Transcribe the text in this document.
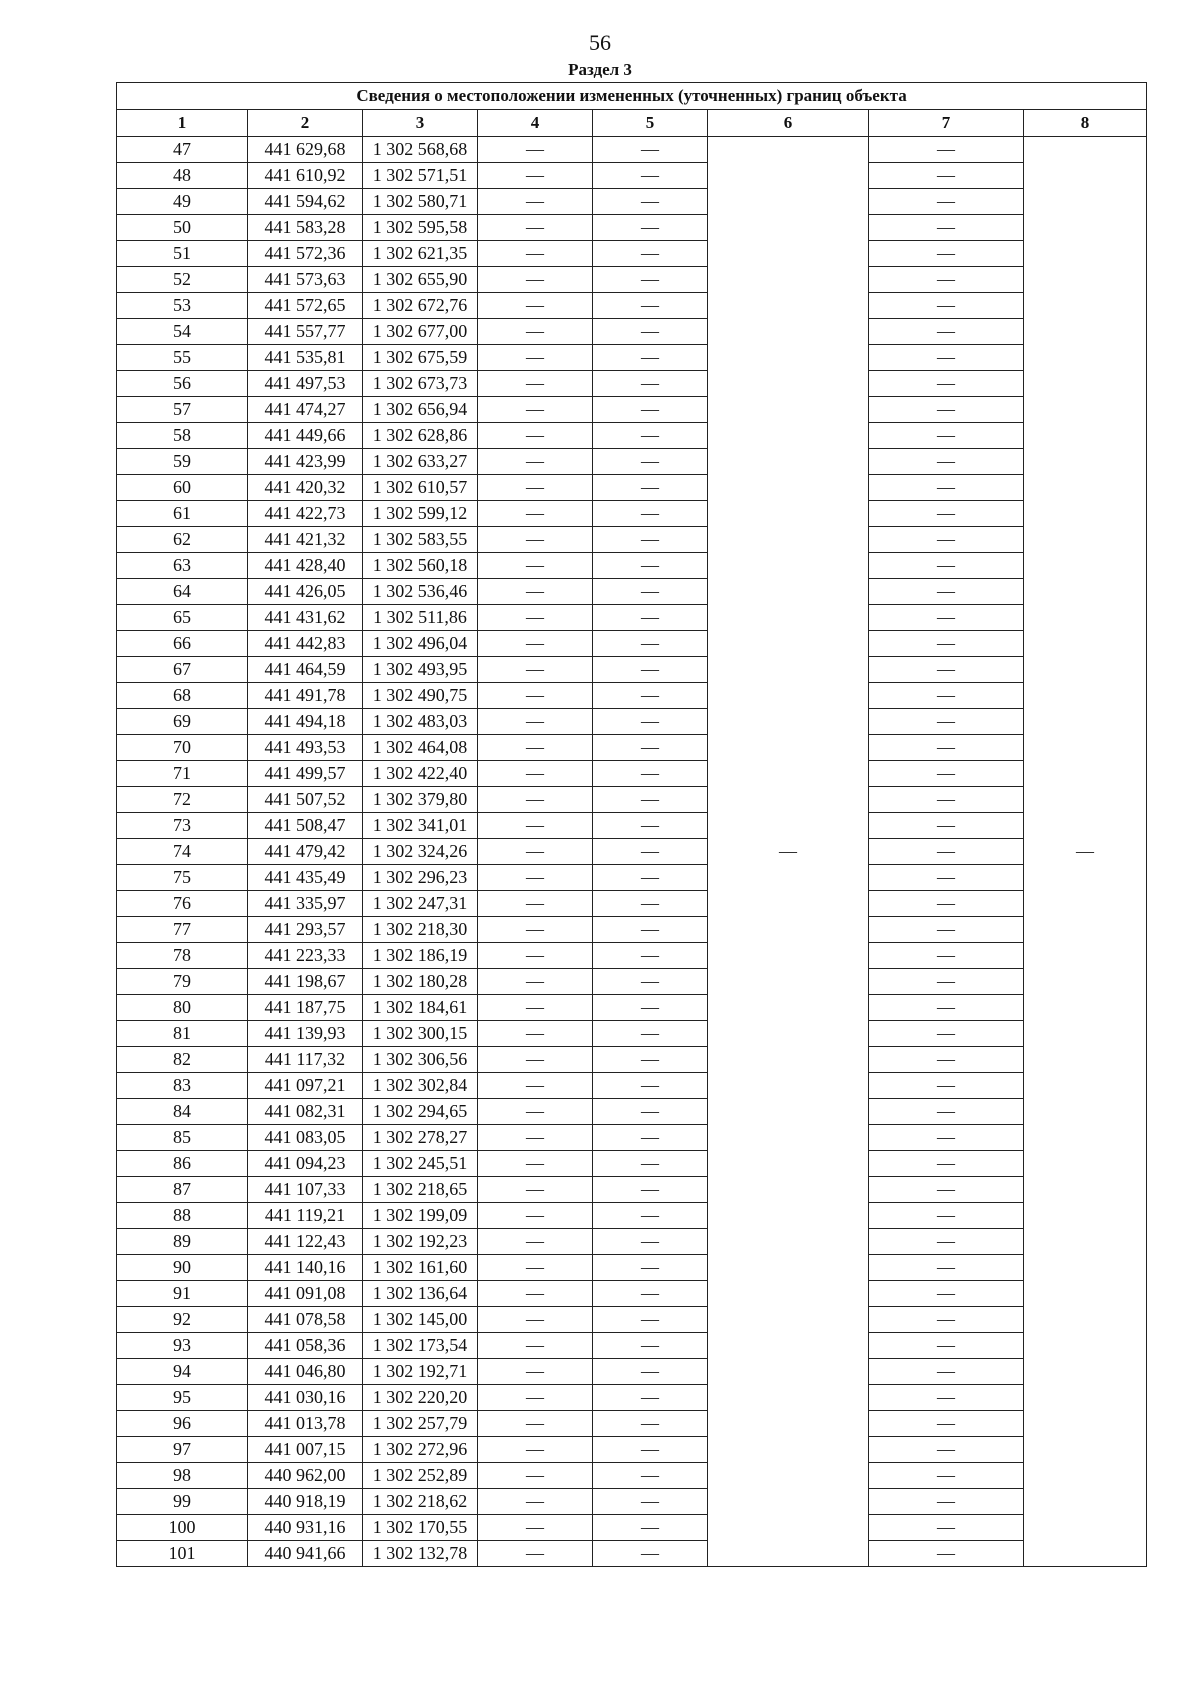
56
Раздел 3
Сведения о местоположении измененных (уточненных) границ объекта							
1	2	3	4	5	6	7	8
47	441 629,68	1 302 568,68	—	—	—	—	—
48	441 610,92	1 302 571,51	—	—		—	
49	441 594,62	1 302 580,71	—	—		—	
50	441 583,28	1 302 595,58	—	—		—	
51	441 572,36	1 302 621,35	—	—		—	
52	441 573,63	1 302 655,90	—	—		—	
53	441 572,65	1 302 672,76	—	—		—	
54	441 557,77	1 302 677,00	—	—		—	
55	441 535,81	1 302 675,59	—	—		—	
56	441 497,53	1 302 673,73	—	—		—	
57	441 474,27	1 302 656,94	—	—		—	
58	441 449,66	1 302 628,86	—	—		—	
59	441 423,99	1 302 633,27	—	—		—	
60	441 420,32	1 302 610,57	—	—		—	
61	441 422,73	1 302 599,12	—	—		—	
62	441 421,32	1 302 583,55	—	—		—	
63	441 428,40	1 302 560,18	—	—		—	
64	441 426,05	1 302 536,46	—	—		—	
65	441 431,62	1 302 511,86	—	—		—	
66	441 442,83	1 302 496,04	—	—		—	
67	441 464,59	1 302 493,95	—	—		—	
68	441 491,78	1 302 490,75	—	—		—	
69	441 494,18	1 302 483,03	—	—		—	
70	441 493,53	1 302 464,08	—	—		—	
71	441 499,57	1 302 422,40	—	—		—	
72	441 507,52	1 302 379,80	—	—		—	
73	441 508,47	1 302 341,01	—	—		—	
74	441 479,42	1 302 324,26	—	—		—	
75	441 435,49	1 302 296,23	—	—		—	
76	441 335,97	1 302 247,31	—	—		—	
77	441 293,57	1 302 218,30	—	—		—	
78	441 223,33	1 302 186,19	—	—		—	
79	441 198,67	1 302 180,28	—	—		—	
80	441 187,75	1 302 184,61	—	—		—	
81	441 139,93	1 302 300,15	—	—		—	
82	441 117,32	1 302 306,56	—	—		—	
83	441 097,21	1 302 302,84	—	—		—	
84	441 082,31	1 302 294,65	—	—		—	
85	441 083,05	1 302 278,27	—	—		—	
86	441 094,23	1 302 245,51	—	—		—	
87	441 107,33	1 302 218,65	—	—		—	
88	441 119,21	1 302 199,09	—	—		—	
89	441 122,43	1 302 192,23	—	—		—	
90	441 140,16	1 302 161,60	—	—		—	
91	441 091,08	1 302 136,64	—	—		—	
92	441 078,58	1 302 145,00	—	—		—	
93	441 058,36	1 302 173,54	—	—		—	
94	441 046,80	1 302 192,71	—	—		—	
95	441 030,16	1 302 220,20	—	—		—	
96	441 013,78	1 302 257,79	—	—		—	
97	441 007,15	1 302 272,96	—	—		—	
98	440 962,00	1 302 252,89	—	—		—	
99	440 918,19	1 302 218,62	—	—		—	
100	440 931,16	1 302 170,55	—	—		—	
101	440 941,66	1 302 132,78	—	—		—	
